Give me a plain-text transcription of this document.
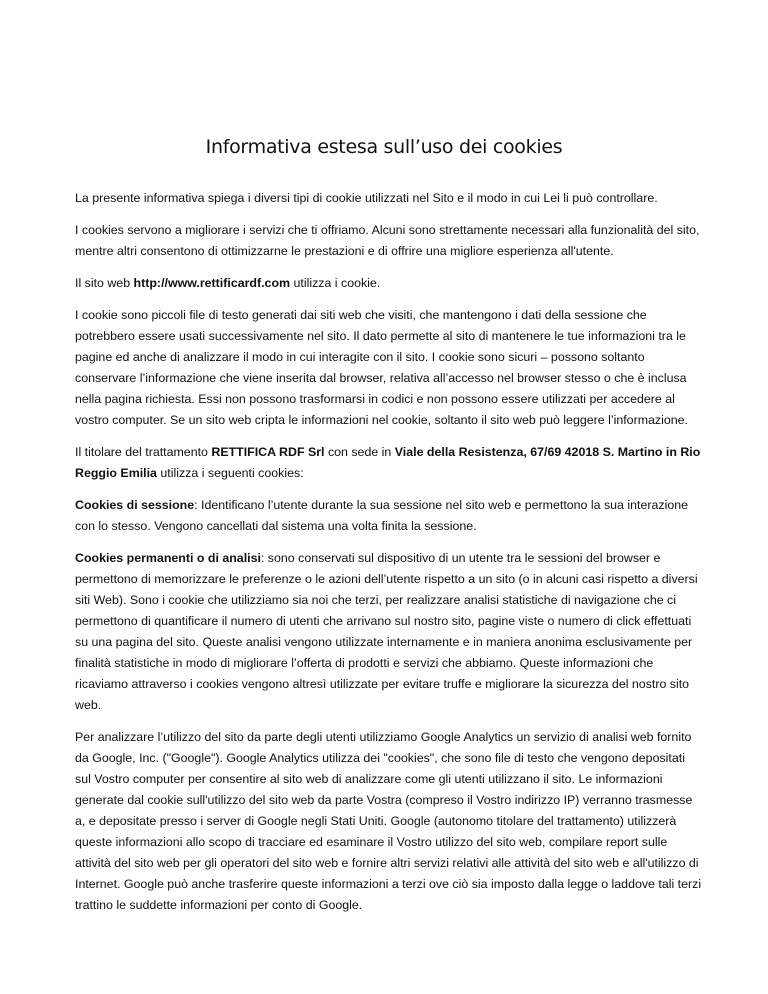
Informativa estesa sull’uso dei cookies

La presente informativa spiega i diversi tipi di cookie utilizzati nel Sito e il modo in cui Lei li può controllare.

I cookies servono a migliorare i servizi che ti offriamo. Alcuni sono strettamente necessari alla funzionalità del sito, mentre altri consentono di ottimizzarne le prestazioni e di offrire una migliore esperienza all'utente.

Il sito web http://www.rettificardf.com utilizza i cookie.

I cookie sono piccoli file di testo generati dai siti web che visiti, che mantengono i dati della sessione che potrebbero essere usati successivamente nel sito. Il dato permette al sito di mantenere le tue informazioni tra le pagine ed anche di analizzare il modo in cui interagite con il sito. I cookie sono sicuri – possono soltanto conservare l’informazione che viene inserita dal browser, relativa all’accesso nel browser stesso o che è inclusa nella pagina richiesta. Essi non possono trasformarsi in codici e non possono essere utilizzati per accedere al vostro computer. Se un sito web cripta le informazioni nel cookie, soltanto il sito web può leggere l’informazione.

Il titolare del trattamento RETTIFICA RDF Srl con sede in Viale della Resistenza, 67/69 42018 S. Martino in Rio Reggio Emilia utilizza i seguenti cookies:

Cookies di sessione: Identificano l’utente durante la sua sessione nel sito web e permettono la sua interazione con lo stesso. Vengono cancellati dal sistema una volta finita la sessione.

Cookies permanenti o di analisi: sono conservati sul dispositivo di un utente tra le sessioni del browser e permettono di memorizzare le preferenze o le azioni dell’utente rispetto a un sito (o in alcuni casi rispetto a diversi siti Web). Sono i cookie che utilizziamo sia noi che terzi, per realizzare analisi statistiche di navigazione che ci permettono di quantificare il numero di utenti che arrivano sul nostro sito, pagine viste o numero di click effettuati su una pagina del sito. Queste analisi vengono utilizzate internamente e in maniera anonima esclusivamente per finalità statistiche in modo di migliorare l’offerta di prodotti e servizi che abbiamo. Queste informazioni che ricaviamo attraverso i cookies vengono altresì utilizzate per evitare truffe e migliorare la sicurezza del nostro sito web.

Per analizzare l’utilizzo del sito da parte degli utenti utilizziamo Google Analytics un servizio di analisi web fornito da Google, Inc. ("Google"). Google Analytics utilizza dei "cookies", che sono file di testo che vengono depositati sul Vostro computer per consentire al sito web di analizzare come gli utenti utilizzano il sito. Le informazioni generate dal cookie sull'utilizzo del sito web da parte Vostra (compreso il Vostro indirizzo IP) verranno trasmesse a, e depositate presso i server di Google negli Stati Uniti. Google (autonomo titolare del trattamento) utilizzerà queste informazioni allo scopo di tracciare ed esaminare il Vostro utilizzo del sito web, compilare report sulle attività del sito web per gli operatori del sito web e fornire altri servizi relativi alle attività del sito web e all'utilizzo di Internet. Google può anche trasferire queste informazioni a terzi ove ciò sia imposto dalla legge o laddove tali terzi trattino le suddette informazioni per conto di Google.
